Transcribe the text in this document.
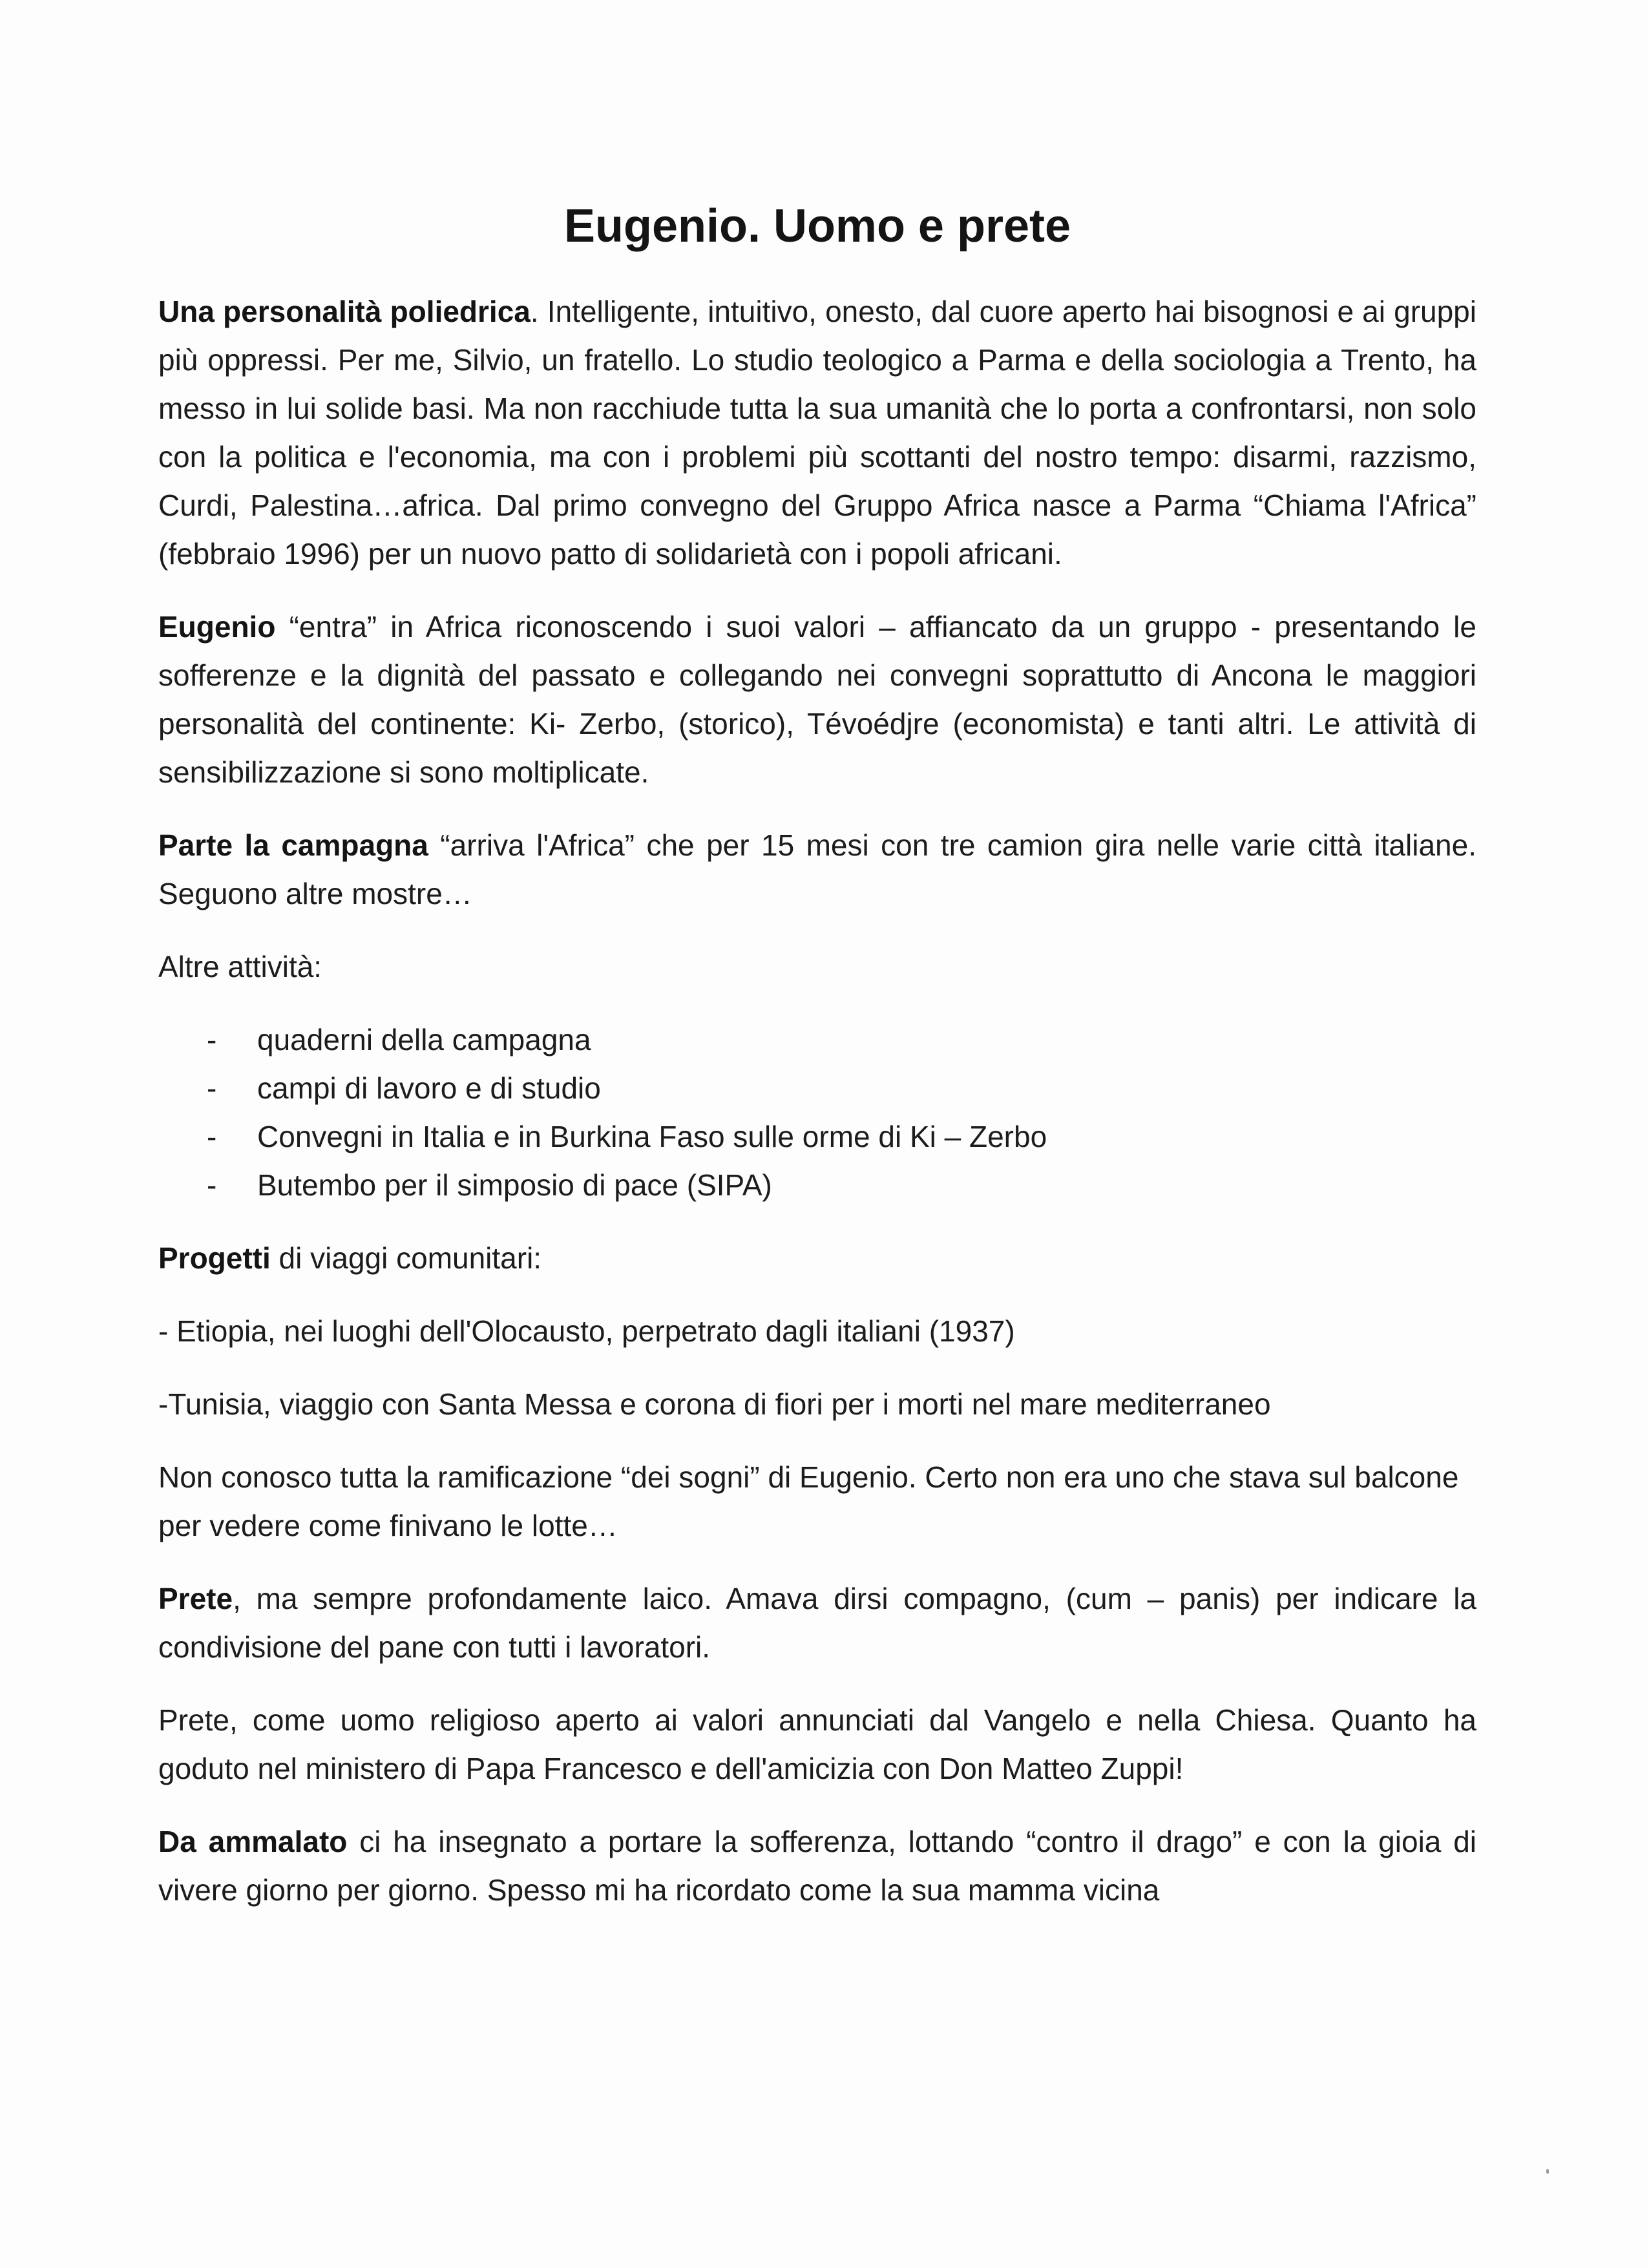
Eugenio. Uomo e prete

Una personalità poliedrica. Intelligente, intuitivo, onesto, dal cuore aperto hai bisognosi e ai gruppi più oppressi. Per me, Silvio, un fratello. Lo studio teologico a Parma e della sociologia a Trento, ha messo in lui solide basi. Ma non racchiude tutta la sua umanità che lo porta a confrontarsi, non solo con la politica e l'economia, ma con i problemi più scottanti del nostro tempo: disarmi, razzismo, Curdi, Palestina…africa. Dal primo convegno del Gruppo Africa nasce a Parma “Chiama l'Africa” (febbraio 1996) per un nuovo patto di solidarietà con i popoli africani.

Eugenio “entra” in Africa riconoscendo i suoi valori – affiancato da un gruppo - presentando le sofferenze e la dignità del passato e collegando nei convegni soprattutto di Ancona le maggiori personalità del continente: Ki- Zerbo, (storico), Tévoédjre (economista) e tanti altri. Le attività di sensibilizzazione si sono moltiplicate.

Parte la campagna “arriva l'Africa” che per 15 mesi con tre camion gira nelle varie città italiane. Seguono altre mostre…

Altre attività:

- quaderni della campagna
- campi di lavoro e di studio
- Convegni in Italia e in Burkina Faso sulle orme di Ki – Zerbo
- Butembo per il simposio di pace (SIPA)

Progetti di viaggi comunitari:

- Etiopia, nei luoghi dell'Olocausto, perpetrato dagli italiani (1937)

-Tunisia, viaggio con Santa Messa e corona di fiori per i morti nel mare mediterraneo

Non conosco tutta la ramificazione “dei sogni” di Eugenio. Certo non era uno che stava sul balcone per vedere come finivano le lotte…

Prete, ma sempre profondamente laico. Amava dirsi compagno, (cum – panis) per indicare la condivisione del pane con tutti i lavoratori.

Prete, come uomo religioso aperto ai valori annunciati dal Vangelo e nella Chiesa. Quanto ha goduto nel ministero di Papa Francesco e dell'amicizia con Don Matteo Zuppi!

Da ammalato ci ha insegnato a portare la sofferenza, lottando “contro il drago” e con la gioia di vivere giorno per giorno. Spesso mi ha ricordato come la sua mamma vicina
